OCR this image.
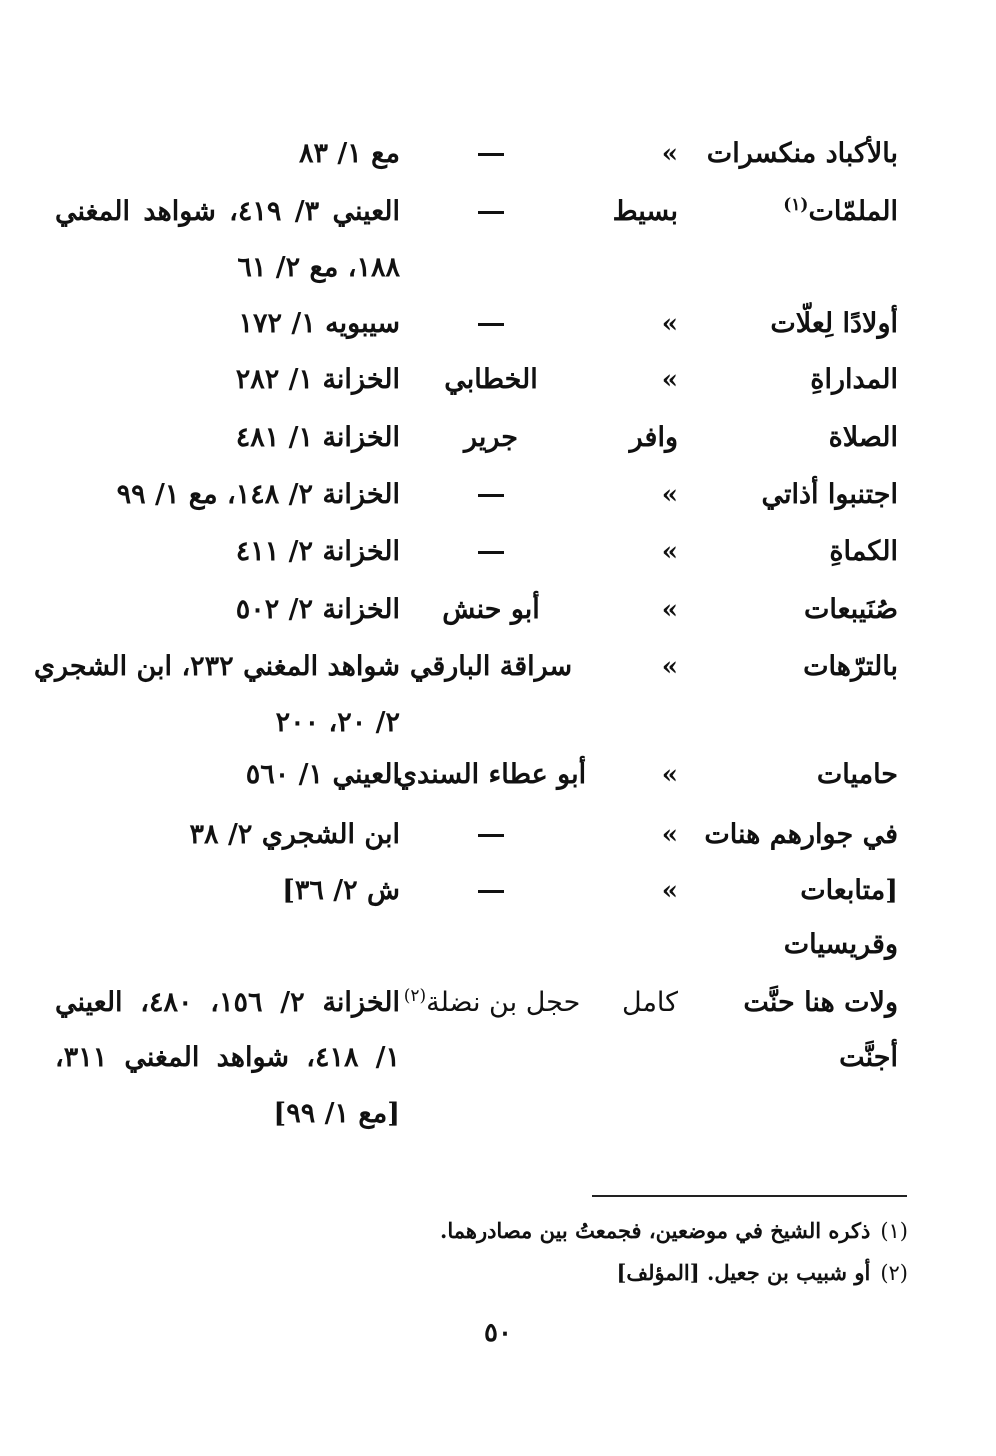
بالأكباد منكسرات
»
مع ١/ ٨٣
الملمّات$^{(١)}$
بسيط
العيني ٣/ ٤١٩، شواهد المغني
١٨٨، مع ٢/ ٦١
أولادًا لِعلّات
»
سيبويه ١/ ١٧٢
المداراةِ
»
الخطابي
الخزانة ١/ ٢٨٢
الصلاة
وافر
جرير
الخزانة ١/ ٤٨١
اجتنبوا أذاتي
»
الخزانة ٢/ ١٤٨، مع ١/ ٩٩
الكماةِ
»
الخزانة ٢/ ٤١١
صُنَيبعات
»
أبو حنش
الخزانة ٢/ ٥٠٢
بالترّهات
»
سراقة البارقي
شواهد المغني ٢٣٢، ابن الشجري
٢/ ٢٠، ٢٠٠
حاميات
»
أبو عطاء السندي
العيني ١/ ٥٦٠
في جوارهم هنات
»
ابن الشجري ٢/ ٣٨
[متابعات
»
ش ٢/ ٣٦]
وقريسيات
ولات هنا حنَّت
كامل
حجل بن نضلة$^{(٢)}$
الخزانة ٢/ ١٥٦، ٤٨٠، العيني
أجنَّت
١/ ٤١٨، شواهد المغني ٣١١،
[مع ١/ ٩٩]
(١)ذكره الشيخ في موضعين، فجمعتُ بين مصادرهما.
(٢)أو شبيب بن جعيل. [المؤلف]
٥٠
